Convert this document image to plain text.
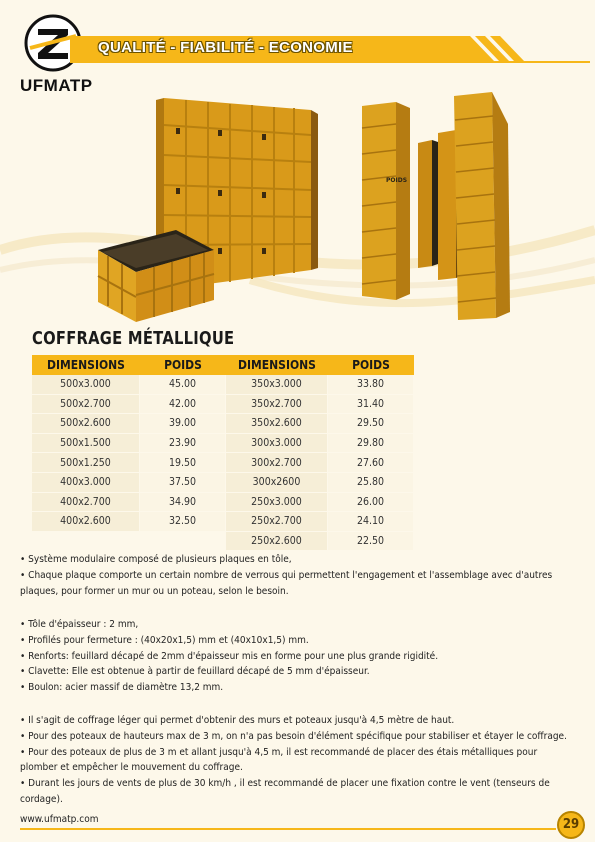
UFMATP
QUALITÉ - FIABILITÉ - ECONOMIE
POIDS
COFFRAGE MÉTALLIQUE
DIMENSIONS	POIDS	DIMENSIONS	POIDS
500x3.000	45.00	350x3.000	33.80
500x2.700	42.00	350x2.700	31.40
500x2.600	39.00	350x2.600	29.50
500x1.500	23.90	300x3.000	29.80
500x1.250	19.50	300x2.700	27.60
400x3.000	37.50	300x2600	25.80
400x2.700	34.90	250x3.000	26.00
400x2.600	32.50	250x2.700	24.10
		250x2.600	22.50

• Système modulaire composé de plusieurs plaques en tôle,

• Chaque plaque comporte un certain nombre de verrous qui permettent l'engagement et l'assemblage avec d'autres plaques, pour former un mur ou un poteau, selon le besoin.

• Tôle d'épaisseur : 2 mm,

• Profilés pour fermeture : (40x20x1,5) mm et (40x10x1,5) mm.

• Renforts: feuillard décapé de 2mm d'épaisseur mis en forme pour une plus grande rigidité.

• Clavette: Elle est obtenue à partir de feuillard décapé de 5 mm d'épaisseur.

• Boulon: acier massif de diamètre 13,2 mm.

• Il s'agit de coffrage léger qui permet d'obtenir des murs et poteaux jusqu'à 4,5 mètre de haut.

• Pour des poteaux de hauteurs max de 3 m, on n'a pas besoin d'élément spécifique pour stabiliser et étayer le coffrage.

• Pour des poteaux de plus de 3 m et allant jusqu'à 4,5 m, il est recommandé de placer des étais métalliques pour plomber et empêcher le mouvement du coffrage.

• Durant les jours de vents de plus de 30 km/h , il est recommandé de placer une fixation contre le vent (tenseurs de cordage).

www.ufmatp.com	29
